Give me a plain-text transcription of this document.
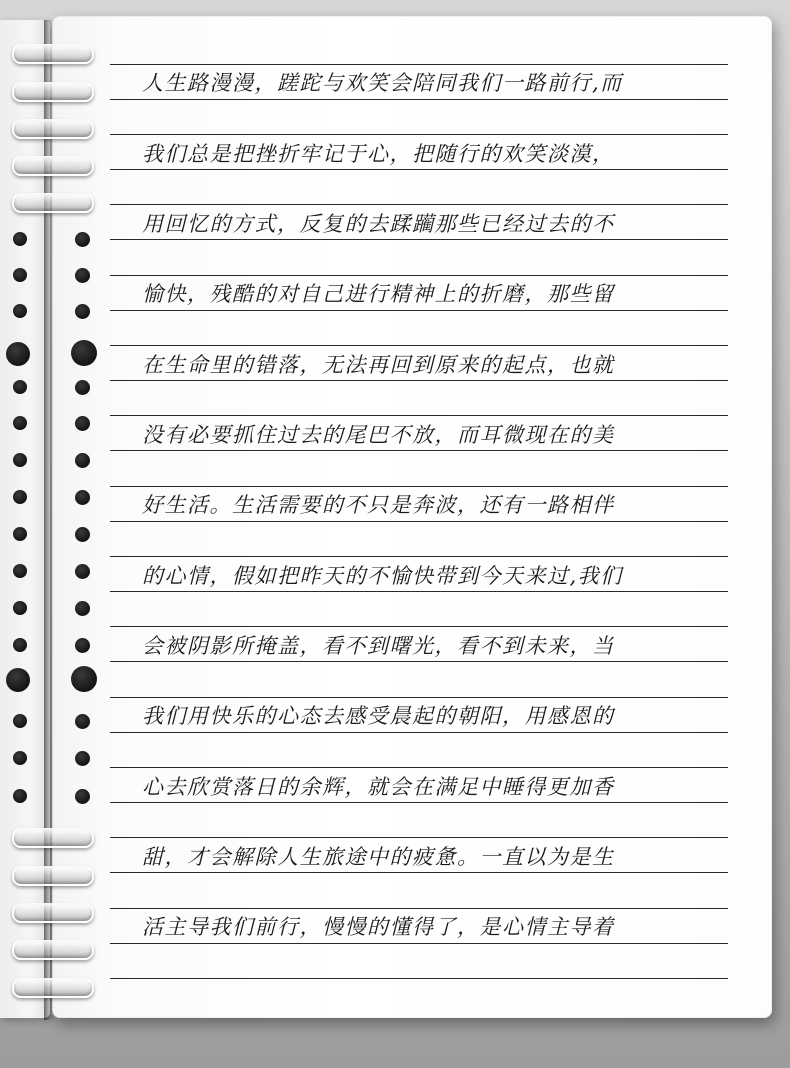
人生路漫漫，蹉跎与欢笑会陪同我们一路前行,而
我们总是把挫折牢记于心，把随行的欢笑淡漠，
用回忆的方式，反复的去蹂躏那些已经过去的不
愉快，残酷的对自己进行精神上的折磨，那些留
在生命里的错落，无法再回到原来的起点，也就
没有必要抓住过去的尾巴不放，而耳微现在的美
好生活。生活需要的不只是奔波，还有一路相伴
的心情，假如把昨天的不愉快带到今天来过,我们
会被阴影所掩盖，看不到曙光，看不到未来，当
我们用快乐的心态去感受晨起的朝阳，用感恩的
心去欣赏落日的余辉，就会在满足中睡得更加香
甜，才会解除人生旅途中的疲惫。一直以为是生
活主导我们前行，慢慢的懂得了，是心情主导着
